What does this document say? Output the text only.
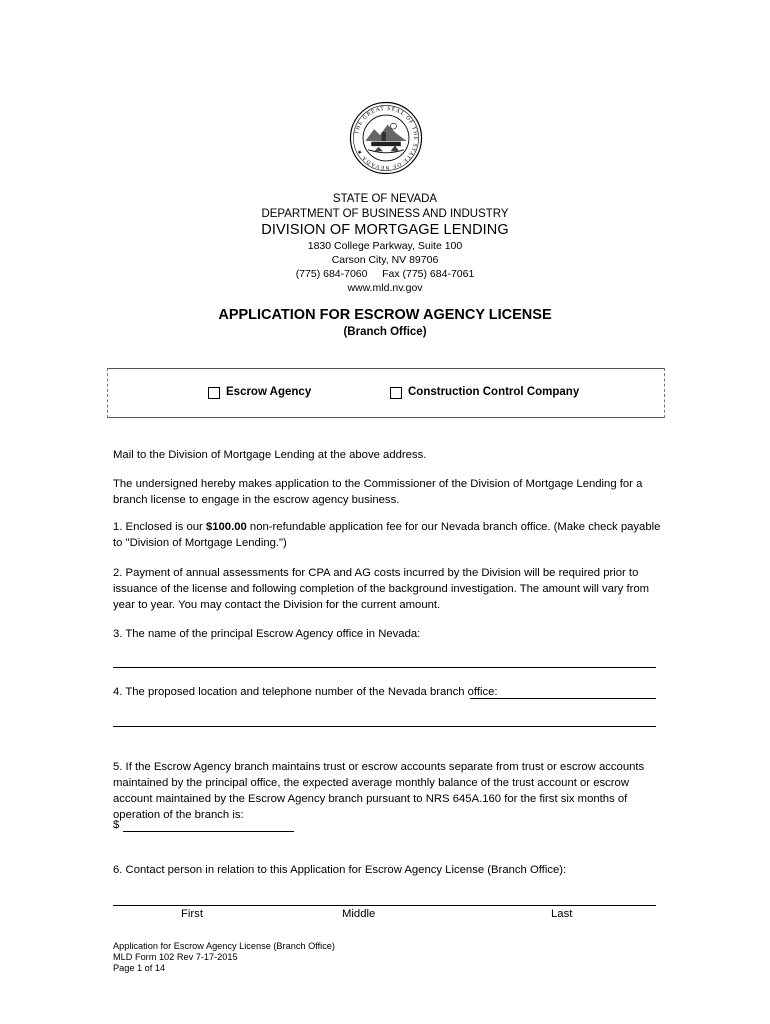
THE GREAT SEAL OF THE STATE OF NEVADA ★
STATE OF NEVADA
DEPARTMENT OF BUSINESS AND INDUSTRY
DIVISION OF MORTGAGE LENDING
1830 College Parkway, Suite 100
Carson City, NV 89706
(775) 684-7060     Fax (775) 684-7061
www.mld.nv.gov
APPLICATION FOR ESCROW AGENCY LICENSE
(Branch Office)
Escrow Agency	Construction Control Company
Mail to the Division of Mortgage Lending at the above address.
The undersigned hereby makes application to the Commissioner of the Division of Mortgage Lending for a branch license to engage in the escrow agency business.
1. Enclosed is our $100.00 non-refundable application fee for our Nevada branch office. (Make check payable to "Division of Mortgage Lending.")
2. Payment of annual assessments for CPA and AG costs incurred by the Division will be required prior to issuance of the license and following completion of the background investigation. The amount will vary from year to year. You may contact the Division for the current amount.
3. The name of the principal Escrow Agency office in Nevada:
4. The proposed location and telephone number of the Nevada branch office:
5. If the Escrow Agency branch maintains trust or escrow accounts separate from trust or escrow accounts maintained by the principal office, the expected average monthly balance of the trust account or escrow account maintained by the Escrow Agency branch pursuant to NRS 645A.160 for the first six months of operation of the branch is:
$
6. Contact person in relation to this Application for Escrow Agency License (Branch Office):
First	Middle	Last
Application for Escrow Agency License (Branch Office)
MLD Form 102 Rev 7-17-2015
Page 1 of 14
